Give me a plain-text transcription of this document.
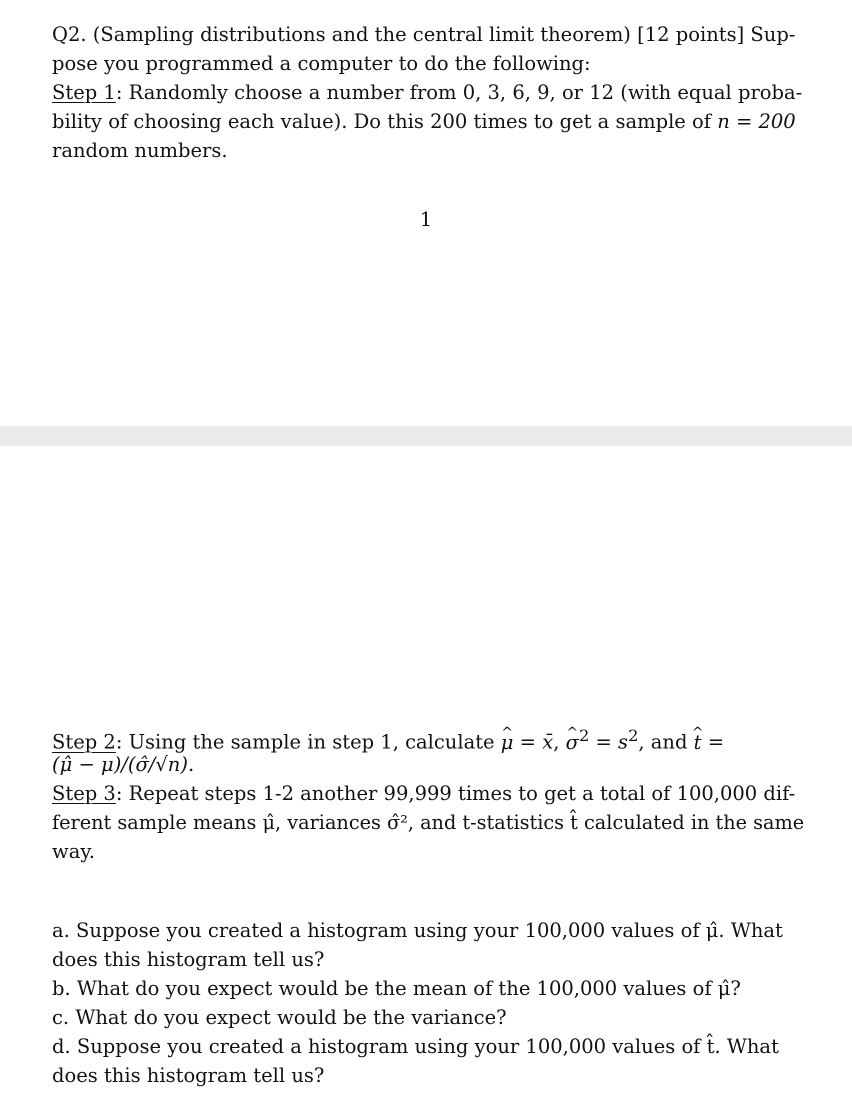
Q2. (Sampling distributions and the central limit theorem) [12 points] Sup-
pose you programmed a computer to do the following:
Step 1: Randomly choose a number from 0, 3, 6, 9, or 12 (with equal proba-
bility of choosing each value). Do this 200 times to get a sample of n = 200
random numbers.
1
Step 2: Using the sample in step 1, calculate μ ^ = x̄, σ ^$^2$ = $s^2$, and t ^ =
(μ̂ − μ)/(σ̂/√n).
Step 3: Repeat steps 1-2 another 99,999 times to get a total of 100,000 dif-
ferent sample means μ̂, variances σ̂², and t-statistics t̂ calculated in the same
way.
a. Suppose you created a histogram using your 100,000 values of μ̂. What
does this histogram tell us?
b. What do you expect would be the mean of the 100,000 values of μ̂?
c. What do you expect would be the variance?
d. Suppose you created a histogram using your 100,000 values of t̂. What
does this histogram tell us?
